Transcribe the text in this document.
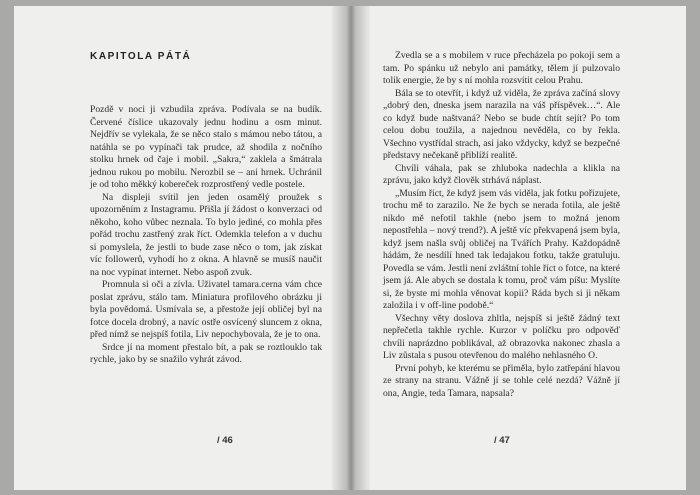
KAPITOLA PÁTÁ

Pozdě v noci ji vzbudila zpráva. Podívala se na budík. Červené číslice ukazovaly jednu hodinu a osm minut. Nejdřív se vylekala, že se něco stalo s mámou nebo tátou, a natáhla se po vypínači tak prudce, až shodila z nočního stolku hrnek od čaje i mobil. „Sakra,“ zaklela a šmátrala jednou rukou po mobilu. Nerozbil se – ani hrnek. Uchránil je od toho měkký kobereček rozprostřený vedle postele.

Na displeji svítil jen jeden osamělý proužek s upozorněním z Instagramu. Přišla jí žádost o konverzaci od někoho, koho vůbec neznala. To bylo jediné, co mohla přes pořád trochu zastřený zrak říct. Odemkla telefon a v duchu si pomyslela, že jestli to bude zase něco o tom, jak získat víc followerů, vyhodí ho z okna. A hlavně se musíš naučit na noc vypínat internet. Nebo aspoň zvuk.

Promnula si oči a zívla. Uživatel tamara.cerna vám chce poslat zprávu, stálo tam. Miniatura profilového obrázku ji byla povědomá. Usmívala se, a přestože její obličej byl na fotce docela drobný, a navíc ostře osvícený sluncem z okna, před nímž se nejspíš fotila, Liv nepochybovala, že je to ona.

Srdce jí na moment přestalo bít, a pak se roztlouklo tak rychle, jako by se snažilo vyhrát závod.

/ 46

Zvedla se a s mobilem v ruce přecházela po pokoji sem a tam. Po spánku už nebylo ani památky, tělem jí pulzovalo tolik energie, že by s ní mohla rozsvítit celou Prahu.

Bála se to otevřít, i když už viděla, že zpráva začíná slovy „dobrý den, dneska jsem narazila na váš příspěvek…“. Ale co když bude naštvaná? Nebo se bude chtít sejít? Po tom celou dobu toužila, a najednou nevěděla, co by řekla. Všechno vystřídal strach, asi jako vždycky, když se bezpečné představy nečekaně přiblíží realitě.

Chvíli váhala, pak se zhluboka nadechla a klikla na zprávu, jako když člověk strhává náplast.

„Musím říct, že když jsem vás viděla, jak fotku pořizujete, trochu mě to zarazilo. Ne že bych se nerada fotila, ale ještě nikdo mě nefotil takhle (nebo jsem to možná jenom nepostřehla – nový trend?). A ještě víc překvapená jsem byla, když jsem našla svůj obličej na Tvářích Prahy. Každopádně hádám, že nesdílí hned tak ledajakou fotku, takže gratuluju. Povedla se vám. Jestli není zvláštní tohle říct o fotce, na které jsem já. Ale abych se dostala k tomu, proč vám píšu: Myslíte si, že byste mi mohla věnovat kopii? Ráda bych si ji někam založila i v off-line podobě.“

Všechny věty doslova zhltla, nejspíš si ještě žádný text nepřečetla takhle rychle. Kurzor v políčku pro odpověď chvíli naprázdno poblikával, až obrazovka nakonec zhasla a Liv zůstala s pusou otevřenou do malého nehlasného O.

První pohyb, ke kterému se přiměla, bylo zatřepání hlavou ze strany na stranu. Vážně jí se tohle celé nezdá? Vážně jí ona, Angie, teda Tamara, napsala?

/ 47
